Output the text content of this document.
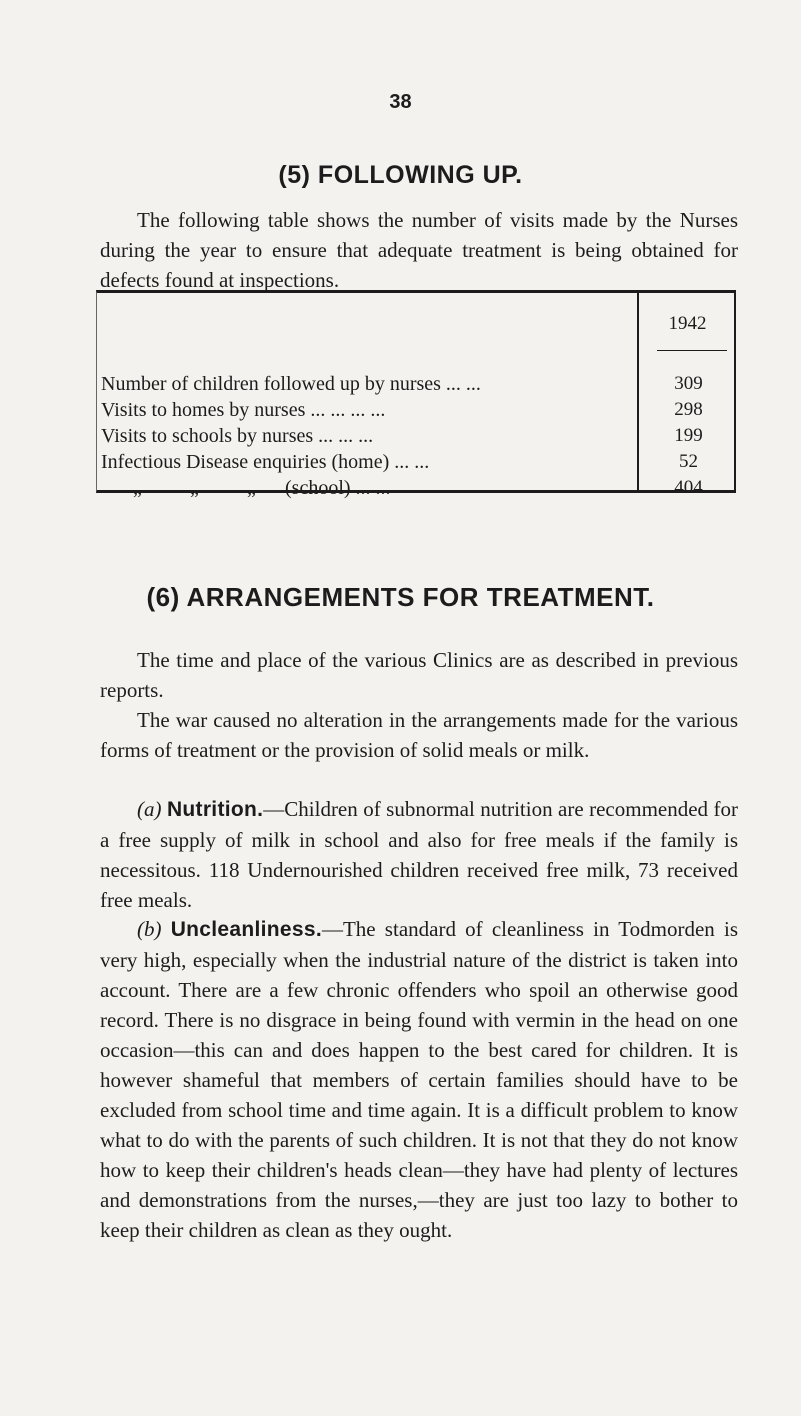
38
(5) FOLLOWING UP.

The following table shows the number of visits made by the Nurses during the year to ensure that adequate treatment is being obtained for defects found at inspections.

1942
Number of children followed up by nurses ... ...	309
Visits to homes by nurses ... ... ... ...	298
Visits to schools by nurses ... ... ...	199
Infectious Disease enquiries (home) ... ...	52
„ „ „ (school) ... ...	404
(6) ARRANGEMENTS FOR TREATMENT.

The time and place of the various Clinics are as described in previous reports.

The war caused no alteration in the arrangements made for the various forms of treatment or the provision of solid meals or milk.

(a) Nutrition.—Children of subnormal nutrition are recommended for a free supply of milk in school and also for free meals if the family is necessitous. 118 Undernourished children received free milk, 73 received free meals.

(b) Uncleanliness.—The standard of cleanliness in Todmorden is very high, especially when the industrial nature of the district is taken into account. There are a few chronic offenders who spoil an otherwise good record. There is no disgrace in being found with vermin in the head on one occasion—this can and does happen to the best cared for children. It is however shameful that members of certain families should have to be excluded from school time and time again. It is a difficult problem to know what to do with the parents of such children. It is not that they do not know how to keep their children's heads clean—they have had plenty of lectures and demonstrations from the nurses,—they are just too lazy to bother to keep their children as clean as they ought.
